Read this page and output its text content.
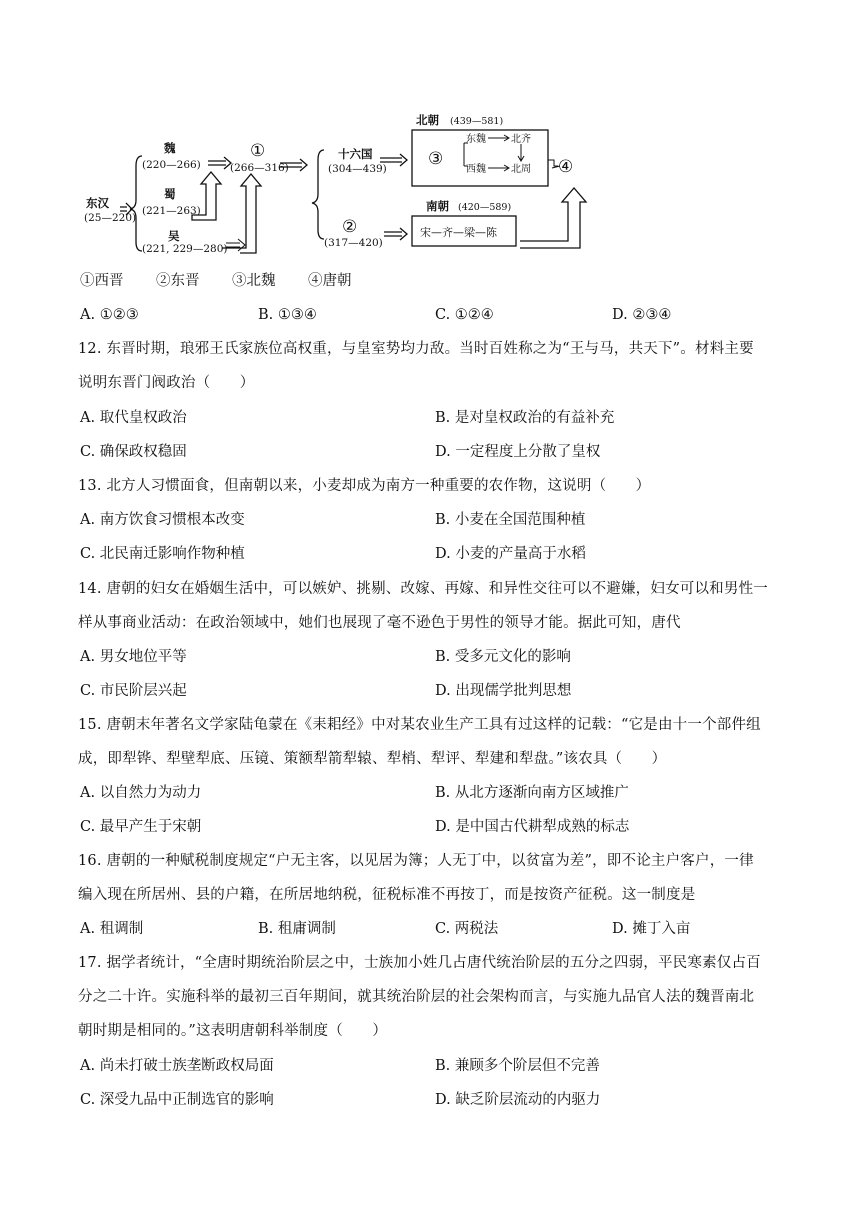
东汉
(25—220)
魏
(220—266)
蜀
(221—263)
吴
(221, 229—280)
①
(266—316)
十六国
(304—439)
②
(317—420)
北朝 (439—581)
③
东魏	北齐
西魏	北周 ④
南朝 (420—589)
宋—齐—梁—陈
①西晋 ②东晋 ③北魏 ④唐朝
A. ①②③	B. ①③④	C. ①②④	D. ②③④
12. 东晋时期，琅邪王氏家族位高权重，与皇室势均力敌。当时百姓称之为“王与马，共天下”。材料主要
说明东晋门阀政治（　　）
A. 取代皇权政治	B. 是对皇权政治的有益补充
C. 确保政权稳固	D. 一定程度上分散了皇权
13. 北方人习惯面食，但南朝以来，小麦却成为南方一种重要的农作物，这说明（　　）
A. 南方饮食习惯根本改变	B. 小麦在全国范围种植
C. 北民南迁影响作物种植	D. 小麦的产量高于水稻
14. 唐朝的妇女在婚姻生活中，可以嫉妒、挑剔、改嫁、再嫁、和异性交往可以不避嫌，妇女可以和男性一
样从事商业活动：在政治领域中，她们也展现了毫不逊色于男性的领导才能。据此可知，唐代
A. 男女地位平等	B. 受多元文化的影响
C. 市民阶层兴起	D. 出现儒学批判思想
15. 唐朝末年著名文学家陆龟蒙在《耒耜经》中对某农业生产工具有过这样的记载：“它是由十一个部件组
成，即犁铧、犁壁犁底、压镜、策额犁箭犁辕、犁梢、犁评、犁建和犁盘。”该农具（　　）
A. 以自然力为动力	B. 从北方逐渐向南方区域推广
C. 最早产生于宋朝	D. 是中国古代耕犁成熟的标志
16. 唐朝的一种赋税制度规定“户无主客，以见居为簿；人无丁中，以贫富为差”，即不论主户客户，一律
编入现在所居州、县的户籍，在所居地纳税，征税标准不再按丁，而是按资产征税。这一制度是
A. 租调制	B. 租庸调制	C. 两税法	D. 摊丁入亩
17. 据学者统计，“全唐时期统治阶层之中，士族加小姓几占唐代统治阶层的五分之四弱，平民寒素仅占百
分之二十许。实施科举的最初三百年期间，就其统治阶层的社会架构而言，与实施九品官人法的魏晋南北
朝时期是相同的。”这表明唐朝科举制度（　　）
A. 尚未打破士族垄断政权局面	B. 兼顾多个阶层但不完善
C. 深受九品中正制选官的影响	D. 缺乏阶层流动的内驱力
